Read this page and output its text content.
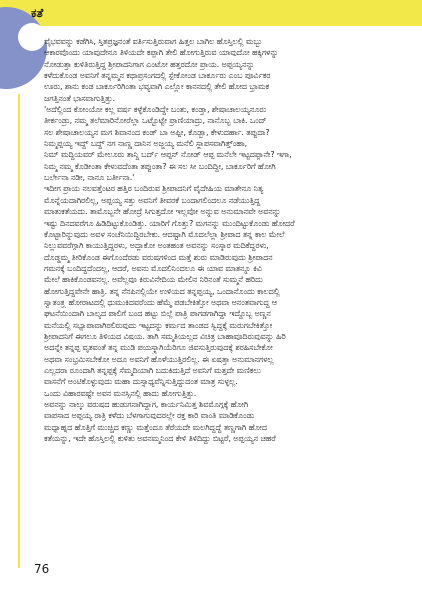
ಕತೆ
ವೈಭವವನ್ನು ಕಡೆಗಿಸಿ, ಸ್ತಿತಪ್ರಜ್ಞನಂತೆ ವರ್ತಿಸುತ್ತಿರುವಾಗ ಹಿತ್ತಲ ಬಾಗಿಲ ಹೊಸ್ತಿಲಲ್ಲಿ ಮಬ್ಬು
ಆಕಾರವೊಂದು ಯಾವುದೇನೂ ತಿಳಿಯದೇ ಕಪ್ಪಾಗಿ ತೇಲಿ ಹೋಗುತ್ತಿರುವ ಯಾವುದೋ ಹಕ್ಕಿಗಳನ್ನು
ನೋಡುತ್ತಾ ಕುಳಿತಿರುತ್ತಿದ್ದ ಶ್ರೀಪಾದನಿಗಾಗ ಎಂಟೋ ಹತ್ತರದೋ ಪ್ರಾಯ. ಅಪ್ಪಯ್ಯನನ್ನು
ಕಳೆದುಕೊಂಡ ಅವನಿಗೆ ತನ್ನಮ್ಮನ ಕಥಾಪ್ರಸಂಗದಲ್ಲಿ ಸ್ಪೇಕೋಂಡ ಬಾರ್ಕೂರು ಎಂಬ ಪೂರ್ವಿಕರ
ಊರು, ಶಾನು ಕಂಡ ಬಾರ್ಕೂರಿಗಿಂತಾ ಭವ್ಯವಾಗಿ ಎಲ್ಲೋ ಕಾನನದಲ್ಲಿ ತೇಲಿ ಹೋದ ಭ್ರಾಮಕ
ಜಗತ್ತಿನಂತೆ ಭಾಸವಾಗುತ್ತಿತ್ತು.
'ಅದೆಲ್ಲಿಂದ ಕೋಂಯೋ ಕಲ್ಲ ವರ್ಷ ಕಳ್ಳೆಕೊಂಡಿದ್ದೇ ಬಂತು, ಕಂಡ್ತಾ, ಶೇಷಾಚಾಲಯ್ಯನೂರು
ತೀರ್ಕಂಡ್ರು, ನಮ್ಮ ತಲೆಮಾರಿನೋರೆಲ್ಲಾ ಒಟ್ಟೊಟ್ಟೇ ಪ್ರಾಣಿಯಾದ್ರು, ನಾನೊಬ್ಬ ಬಾಕಿ. ಒಂದ್
ಸಲ ಶೇಷಾಚಾಲಯ್ಯನ ಮಗ ಶಿವಾನಂದ ಕಂಡ್ ಬಾ ಅಪ್ಪೀ, ಕೊಡ್ಬಾ, ಕೇಳುದರ್ಹಾ. ತಪ್ಪುದಾ?
ನಿಮ್ಮಪ್ಪಯ್ಯ ಇದ್ದ್ ಬದ್ದ್ ನಗ ನಾಣ್ಣ ದಾನಿನ ಅಜ್ಜಯ್ಯ ಮನೆಲಿ ಸ್ಥಾಪಸವಾಗಿತ್ತ್ಂಹಾ,
ನಿಮ್ ಮದ್ದಿಯವರ್ ಮೇಲೂರು ತಾನ್ದಿ ಬರ್ದ್ ಆಪ್ಪನ್ ನೋಡ್ ಆಪ್ಪ ಮನೆಲೇ ಇಟ್ಟದಪ್ಪಾನೇ? ಇಗಾ,
ನಿಮ್ಮ ನಮ್ಮ ಕೊಡೀಂತಾ ಕೇಳುವದೆಂತಾ ತಪ್ಪುಂತಾ? ಈ ಸಲ ಸೀ ಬಂದಿದ್ದೀ, ಬಾರ್ಕೂರಿಗೆ ಹೋಗಿ
ಬರ್ಲೇನಾ ನಡೀ, ನಾನೂ ಬರ್ತೀನಾ.'
ಇದೀಗ ಪ್ರಾಯ ನಲವತ್ತೆಂಟರ ಹತ್ತಿರ ಬಂದಿರುವ ಶ್ರೀಪಾದನಿಗೆ ವೈದೇಹಿಯ ಮಾತೇನೂ ನಿತ್ಯ
ಮೊನ್ನೆಯದಾಗಿರಲಿಲ್ಲ, ಅಪ್ಪಯ್ಯ ಸತ್ತು ಅವನಿಗೆ ತೀವರಕೆ ಬಂದಾಗಲಿಂದಲೂ ನಡೆಯುತ್ತಿದ್ದ
ಮಾತುಕತೆಯದು. ತಾಮೊಬ್ಬನೇ ಹೋದ್ರೆ ಸಿಗುತ್ತದೋ ಇಲ್ಲವೋ ಅನ್ನುವ ಅನುಮಾನವೇ ಅವನನ್ನು
ಇಷ್ಟು ದಿನದವರೆಗೂ ಹಿಡಿದಿಟ್ಟುಕೊಂಡಿತ್ತು. ಯಾರಿಗೆ ಗೊತ್ತು? ಮಗನನ್ನು ಮುಂದಿಟ್ಟುಕೊಂಡು ಹೋದರೆ
ಕೊಟ್ಟಾರಿನ್ನುವುದು ಅವಳ ಸಂಚೆನಿಯಿದ್ದಿರಬೇಕು. ಆದಷ್ಟಾಗಿ ಮೊದಲೆಲ್ಲಾ ಶ್ರೀಪಾದ ತನ್ನ ಕಾಲ ಮೇಲೆ
ನಿಲ್ಲುವವರೆಗ್ಗಾಗಿ ಕಾಯುತ್ತಿದ್ದರಳು, ಅದ್ಲಾಕೋ ಅಂತಹಂತ ಅವನನ್ನು ಸಂಸ್ಕಾರ ಮದಿಕೆದ್ದರಳು,
ದೊಡ್ಡಮ್ಮ ತೀರಿಕೊಂಡ ಈಗೊಂದೆರಡು ವರುಷಗಳಿಂದ ಮತ್ತೆ ಶುರು ಮಾಡಿರುವುದು ಶ್ರೀಪಾದನ
ಗಮನಕ್ಕೆ ಬಂದಿದ್ದದೆಂದಲ್ಲ, ಆದರೆ, ಅವನು ಮೊದಲಿನಿಂದಲೂ ಈ ಯಾವ ಮಾತನ್ನೂ ಕಿವಿ
ಮೇಲೆ ಹಾಕಿಕೊಂಡವನಲ್ಲ. ಅವೆಲ್ಲವೂ ಕಿರುವಿನೇದಿಯ ಮೇಲಿನ ನಿರಿನಂತೆ ಸುಮ್ಮನೆ ಹರಿದು
ಹೋಗುತ್ತಿದ್ದವೇನೇ ಹಾತ್ರಿ. ತನ್ನ ನೆನಪಿನಲ್ಲಿಯೇ ಉಳಿಯದ ತನ್ನಪ್ಪಯ್ಯ, ಒಂದಾನೊಂದು ಕಾಲದಲ್ಲಿ
ಸ್ವಾತಂತ್ರ್ಯ ಹೋರಾಟದಲ್ಲಿ ಧುಮುಕಿದವರೆಂದು ಹೆಮ್ಮೆ ಪಡಬೇಕಿತ್ತೋ ಅಥವಾ ಅನಂತವಾಗುದ್ದ ಆ
ಘಟನೆಯಿಂದಾಗಿ ಬಾಲ್ಯದ ಪಾಲಿಗೆ ಬಂದ ಹಟ್ಟು ಬಿಲ್ಲೆ ಪಾತ್ರಿ ಪಾಗಡಗಾಗಿದ್ದಾ ಇದ್ದೊಬ್ಬ ಅಣ್ಣನ
ಮನೆಯಲ್ಲಿ ಸಭ್ಯಾಪಾವಾಗಿರಲಿರುವುದು ಇಟ್ಟದನ್ನು ಕರ್ಮದ ತಾಂಡದ ಸ್ವಿದ್ದಕ್ಕೆ ಮರುಗಬೇಕಿತ್ತೋ
ಶ್ರೀಪಾದನಿಗೆ ಈಗಲೂ ತಿಳಿಯದ ವಿಷಯ. ತಾಗಿ ಸಮ್ಮತಿಯಲ್ಲದ ವಿಚಿತ್ರ ಬಾಹಾವೂದಿರುವುವನ್ನು ಹಿರಿ
ಅದನ್ನೇ ತನ್ನಪ್ಪ ವೃತವಂತೆ ತನ್ನ ಮುಡಿ ಪಯಸ್ಕ್ರಾಗಿಯೆರಿಗೂ ಜಿವಸುತ್ತಿರುವುದಕ್ಕೆ ಶರಹಿಸಬೇಕೋ
ಅಥವಾ ಸಂಭ್ರಮಿಸಬೇಕೋ ಅದೂ ಅವನಿಗೆ ಹೊಳೆಯುತ್ತಿರಲಿಲ್ಲ. ಈ ಏಷತ್ತಾ ಅನುಮಾನಗಳಲ್ಲ
ಎಲ್ಲದರಾ ರೂಂದಾಗಿ ತನ್ನಪ್ಪಕ್ಕೆ ಸೆಮ್ಮದಿಯಾಗಿ ಬದುಕಿದುತ್ತಿದೆ ಅವನಿಗೆ ಮತ್ತದೇ ಮಣಿಕಲು
ವಾಸನೆಗೆ ಅಂಟಿಕೊಳ್ಳುವುದು ಮಹಾ ದುಸ್ಸಾಧ್ಯವೆನ್ನಿಸುತ್ತಿದ್ದುದಂತ ಮಾತ್ರ ಸುಳ್ಳಲ್ಲ.
ಒಂದು ವಿಹಾರವಷ್ಟೇ ಅವನ ಮನಸ್ಸಿನಲ್ಲಿ ಹಾದು ಹೋಗುತ್ತಿತ್ತು.
ಅವನನ್ನು ನಾಲ್ಕು ವರುಷದ ಹುಡುಗನಾಗಿದ್ದಾಗ, ಕಾರ್ಯನಿಮಿತ್ತ ಶಿವಮೊಗ್ಗಕ್ಕೆ ಹೋಗಿ
ವಾಪಸಾದ ಅಪ್ಪಯ್ಯ ರಾತ್ರಿ ಕಳೆದು ಬೆಳಗಾಗುವುದರಲ್ಲೇ ರಕ್ತ ಕಾರಿ ವಾಂತಿ ಮಾಡಿಕೊಂಡು
ಮಧ್ಯಾಹ್ನದ ಹೊತ್ತಿಗೆ ಮುಚ್ಚಿದ ಕಣ್ಣು ಮತ್ತೆಂದೂ ತೆರೆಯದೇ ಮಲಗಿದ್ದದ್ದೆ ತಣ್ಣಗಾಗಿ ಹೋದ
ಕತೆಯನ್ನು, ಇದೇ ಹೊಸ್ತಿಲಲ್ಲಿ ಕುಳಿತು ಅವನಮ್ಮನಿಂದ ಕೇಳಿ ತಿಳಿದಿದ್ದು ಬಿಟ್ಟರೆ, ಅಪ್ಪಯ್ಯನ ಚಹರೆ
76
